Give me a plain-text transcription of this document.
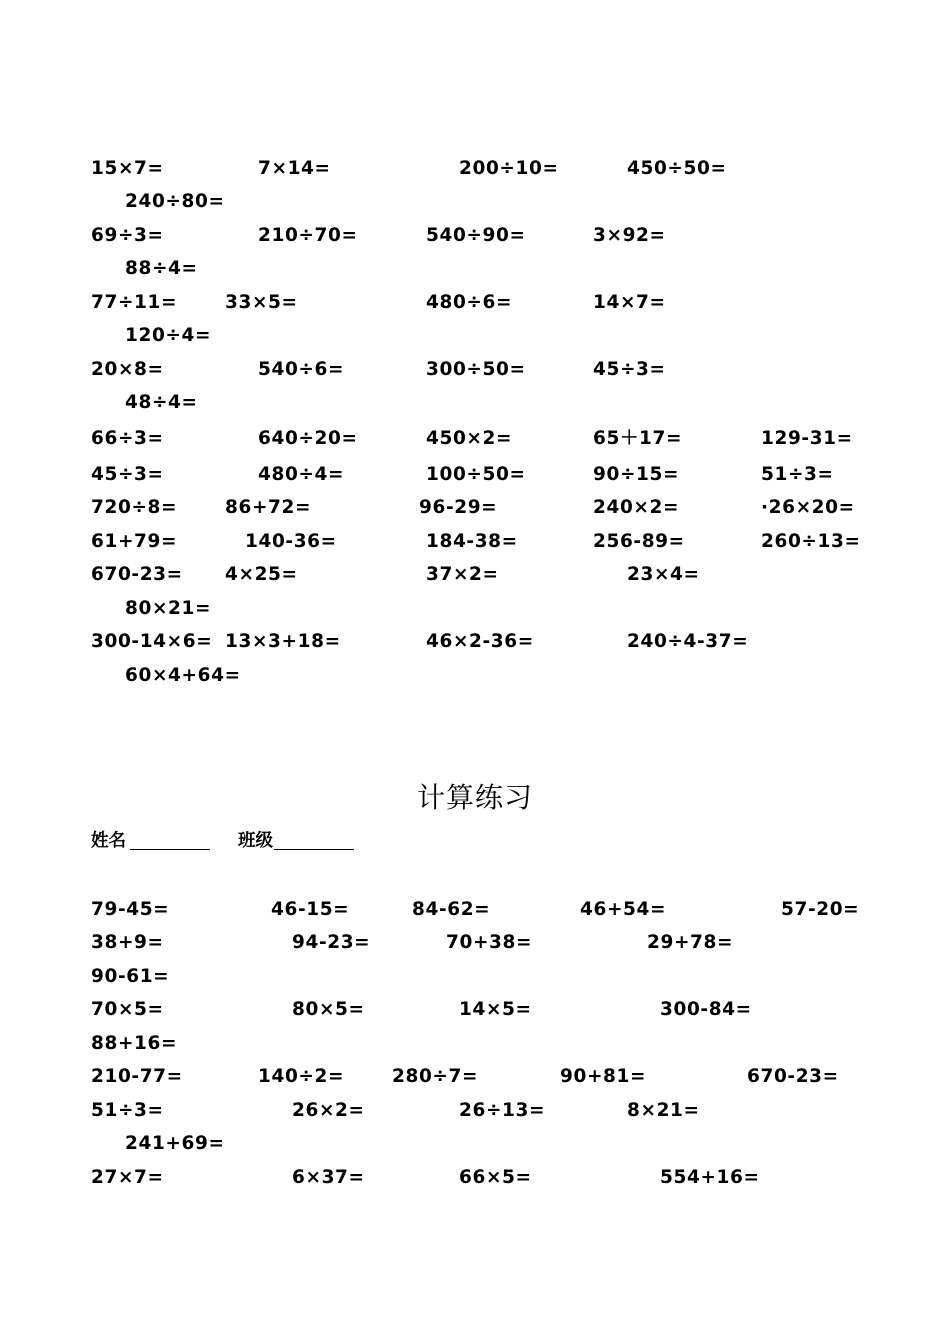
15×7=	7×14=	200÷10=	450÷50=
240÷80=
69÷3=	210÷70=	540÷90=	3×92=
88÷4=
77÷11=	33×5=	480÷6=	14×7=
120÷4=
20×8=	540÷6=	300÷50=	45÷3=
48÷4=
66÷3=	640÷20=	450×2=	65＋17=	129-31=
45÷3=	480÷4=	100÷50=	90÷15=	51÷3=
720÷8=	86+72=	96-29=	240×2=	·26×20=
61+79=	140-36=	184-38=	256-89=	260÷13=
670-23= 4×25=	37×2=	23×4=
80×21=
300-14×6= 13×3+18=	46×2-36=	240÷4-37=
60×4+64=
计算练习
姓名	班级
79-45=	46-15=	84-62=	46+54=	57-20=
38+9=	94-23=	70+38=	29+78=
90-61=
70×5=	80×5=	14×5=	300-84=
88+16=
210-77=	140÷2=	280÷7=	90+81=	670-23=
51÷3=	26×2=	26÷13=	8×21=
241+69=
27×7=	6×37=	66×5=	554+16=
